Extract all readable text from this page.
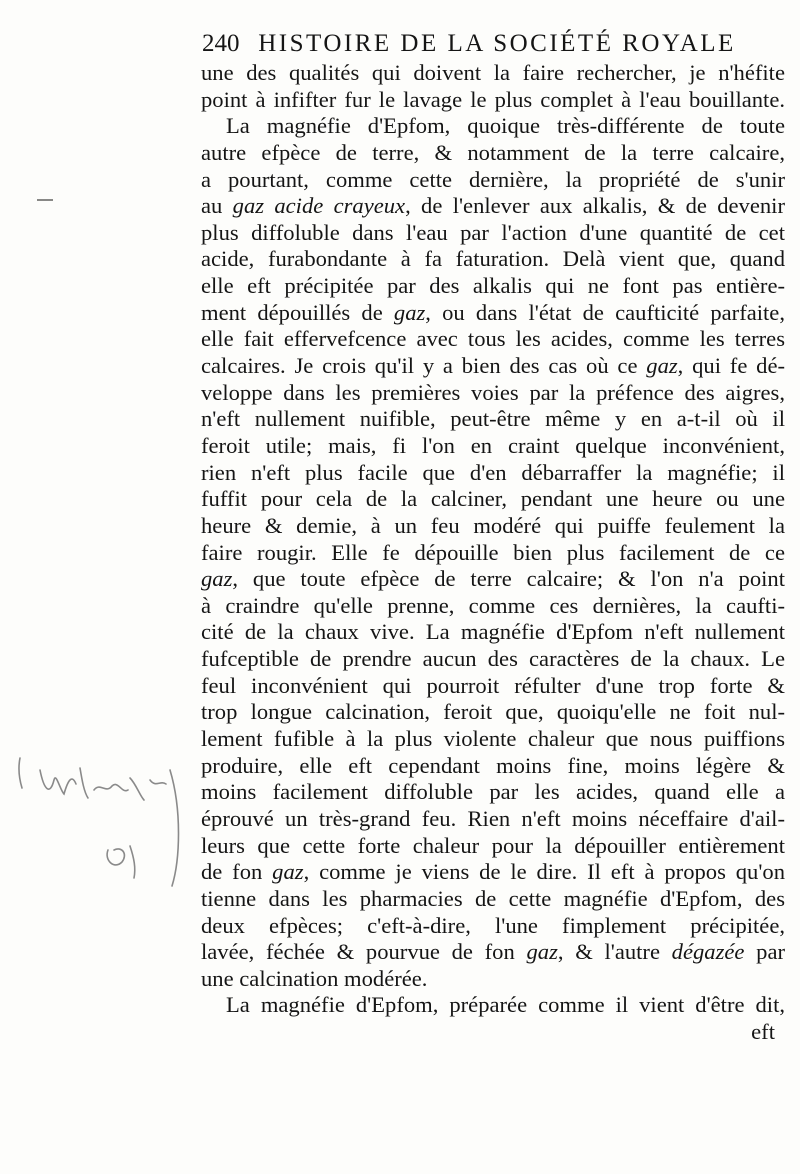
240 HISTOIRE DE LA SOCIÉTÉ ROYALE
une des qualités qui doivent la faire rechercher, je n'héfite
point à infifter fur le lavage le plus complet à l'eau bouillante.
La magnéfie d'Epfom, quoique très-différente de toute
autre efpèce de terre, & notamment de la terre calcaire,
a pourtant, comme cette dernière, la propriété de s'unir
au gaz acide crayeux, de l'enlever aux alkalis, & de devenir
plus diffoluble dans l'eau par l'action d'une quantité de cet
acide, furabondante à fa faturation. Delà vient que, quand
elle eft précipitée par des alkalis qui ne font pas entière-
ment dépouillés de gaz, ou dans l'état de caufticité parfaite,
elle fait effervefcence avec tous les acides, comme les terres
calcaires. Je crois qu'il y a bien des cas où ce gaz, qui fe dé-
veloppe dans les premières voies par la préfence des aigres,
n'eft nullement nuifible, peut-être même y en a-t-il où il
feroit utile; mais, fi l'on en craint quelque inconvénient,
rien n'eft plus facile que d'en débarraffer la magnéfie; il
fuffit pour cela de la calciner, pendant une heure ou une
heure & demie, à un feu modéré qui puiffe feulement la
faire rougir. Elle fe dépouille bien plus facilement de ce
gaz, que toute efpèce de terre calcaire; & l'on n'a point
à craindre qu'elle prenne, comme ces dernières, la caufti-
cité de la chaux vive. La magnéfie d'Epfom n'eft nullement
fufceptible de prendre aucun des caractères de la chaux. Le
feul inconvénient qui pourroit réfulter d'une trop forte &
trop longue calcination, feroit que, quoiqu'elle ne foit nul-
lement fufible à la plus violente chaleur que nous puiffions
produire, elle eft cependant moins fine, moins légère &
moins facilement diffoluble par les acides, quand elle a
éprouvé un très-grand feu. Rien n'eft moins néceffaire d'ail-
leurs que cette forte chaleur pour la dépouiller entièrement
de fon gaz, comme je viens de le dire. Il eft à propos qu'on
tienne dans les pharmacies de cette magnéfie d'Epfom, des
deux efpèces; c'eft-à-dire, l'une fimplement précipitée,
lavée, féchée & pourvue de fon gaz, & l'autre dégazée par
une calcination modérée.
La magnéfie d'Epfom, préparée comme il vient d'être dit,
eft
